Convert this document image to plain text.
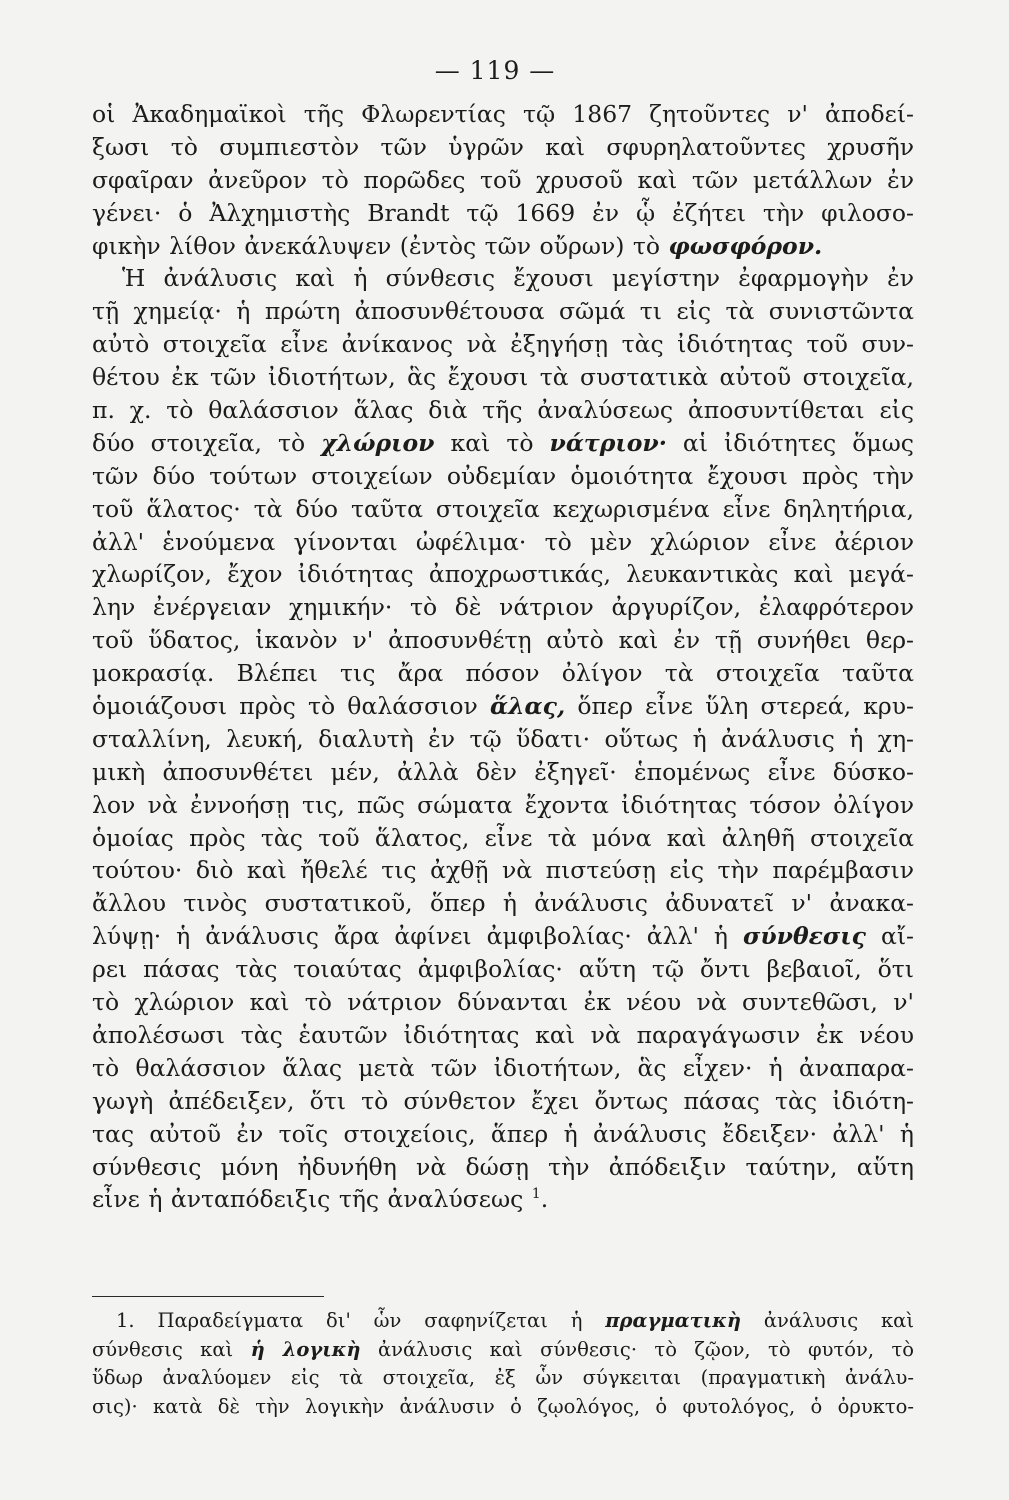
— 119 —
οἱ Ἀκαδημαϊκοὶ τῆς Φλωρεντίας τῷ 1867 ζητοῦντες ν' ἀποδεί-
ξωσι τὸ συμπιεστὸν τῶν ὑγρῶν καὶ σφυρηλατοῦντες χρυσῆν
σφαῖραν ἀνεῦρον τὸ πορῶδες τοῦ χρυσοῦ καὶ τῶν μετάλλων ἐν
γένει· ὁ Ἀλχημιστὴς Brandt τῷ 1669 ἐν ᾧ ἐζήτει τὴν φιλοσο-
φικὴν λίθον ἀνεκάλυψεν (ἐντὸς τῶν οὔρων) τὸ φωσφόρον.
Ἡ ἀνάλυσις καὶ ἡ σύνθεσις ἔχουσι μεγίστην ἐφαρμογὴν ἐν
τῇ χημείᾳ· ἡ πρώτη ἀποσυνθέτουσα σῶμά τι εἰς τὰ συνιστῶντα
αὐτὸ στοιχεῖα εἶνε ἀνίκανος νὰ ἐξηγήσῃ τὰς ἰδιότητας τοῦ συν-
θέτου ἐκ τῶν ἰδιοτήτων, ἃς ἔχουσι τὰ συστατικὰ αὐτοῦ στοιχεῖα,
π. χ. τὸ θαλάσσιον ἅλας διὰ τῆς ἀναλύσεως ἀποσυντίθεται εἰς
δύο στοιχεῖα, τὸ χλώριον καὶ τὸ νάτριον· αἱ ἰδιότητες ὅμως
τῶν δύο τούτων στοιχείων οὐδεμίαν ὁμοιότητα ἔχουσι πρὸς τὴν
τοῦ ἅλατος· τὰ δύο ταῦτα στοιχεῖα κεχωρισμένα εἶνε δηλητήρια,
ἀλλ' ἑνούμενα γίνονται ὠφέλιμα· τὸ μὲν χλώριον εἶνε ἀέριον
χλωρίζον, ἔχον ἰδιότητας ἀποχρωστικάς, λευκαντικὰς καὶ μεγά-
λην ἐνέργειαν χημικήν· τὸ δὲ νάτριον ἀργυρίζον, ἐλαφρότερον
τοῦ ὕδατος, ἱκανὸν ν' ἀποσυνθέτῃ αὐτὸ καὶ ἐν τῇ συνήθει θερ-
μοκρασίᾳ. Βλέπει τις ἄρα πόσον ὀλίγον τὰ στοιχεῖα ταῦτα
ὁμοιάζουσι πρὸς τὸ θαλάσσιον ἅλας, ὅπερ εἶνε ὕλη στερεά, κρυ-
σταλλίνη, λευκή, διαλυτὴ ἐν τῷ ὕδατι· οὕτως ἡ ἀνάλυσις ἡ χη-
μικὴ ἀποσυνθέτει μέν, ἀλλὰ δὲν ἐξηγεῖ· ἑπομένως εἶνε δύσκο-
λον νὰ ἐννοήσῃ τις, πῶς σώματα ἔχοντα ἰδιότητας τόσον ὀλίγον
ὁμοίας πρὸς τὰς τοῦ ἅλατος, εἶνε τὰ μόνα καὶ ἀληθῆ στοιχεῖα
τούτου· διὸ καὶ ἤθελέ τις ἀχθῇ νὰ πιστεύσῃ εἰς τὴν παρέμβασιν
ἄλλου τινὸς συστατικοῦ, ὅπερ ἡ ἀνάλυσις ἀδυνατεῖ ν' ἀνακα-
λύψῃ· ἡ ἀνάλυσις ἄρα ἀφίνει ἀμφιβολίας· ἀλλ' ἡ σύνθεσις αἴ-
ρει πάσας τὰς τοιαύτας ἀμφιβολίας· αὕτη τῷ ὄντι βεβαιοῖ, ὅτι
τὸ χλώριον καὶ τὸ νάτριον δύνανται ἐκ νέου νὰ συντεθῶσι, ν'
ἀπολέσωσι τὰς ἑαυτῶν ἰδιότητας καὶ νὰ παραγάγωσιν ἐκ νέου
τὸ θαλάσσιον ἅλας μετὰ τῶν ἰδιοτήτων, ἃς εἶχεν· ἡ ἀναπαρα-
γωγὴ ἀπέδειξεν, ὅτι τὸ σύνθετον ἔχει ὄντως πάσας τὰς ἰδιότη-
τας αὐτοῦ ἐν τοῖς στοιχείοις, ἅπερ ἡ ἀνάλυσις ἔδειξεν· ἀλλ' ἡ
σύνθεσις μόνη ἠδυνήθη νὰ δώσῃ τὴν ἀπόδειξιν ταύτην, αὕτη
εἶνε ἡ ἀνταπόδειξις τῆς ἀναλύσεως $^1$.
1. Παραδείγματα δι' ὧν σαφηνίζεται ἡ πραγματικὴ ἀνάλυσις καὶ
σύνθεσις καὶ ἡ λογικὴ ἀνάλυσις καὶ σύνθεσις· τὸ ζῷον, τὸ φυτόν, τὸ
ὕδωρ ἀναλύομεν εἰς τὰ στοιχεῖα, ἐξ ὧν σύγκειται (πραγματικὴ ἀνάλυ-
σις)· κατὰ δὲ τὴν λογικὴν ἀνάλυσιν ὁ ζῳολόγος, ὁ φυτολόγος, ὁ ὀρυκτο-
